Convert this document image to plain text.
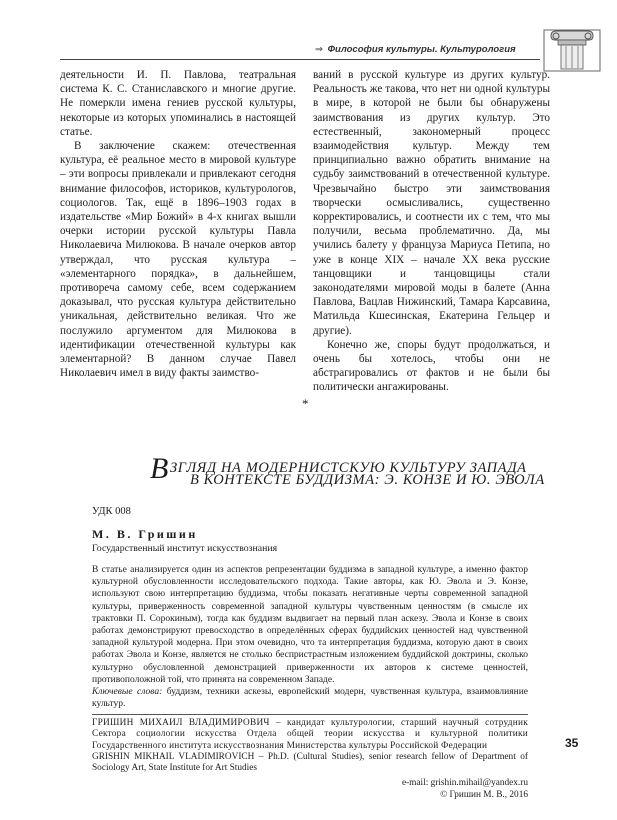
⇒ Философия культуры. Культурология

деятельности И. П. Павлова, театральная система К. С. Станиславского и многие другие. Не померкли имена гениев русской культуры, некоторые из которых упоминались в настоящей статье.

В заключение скажем: отечественная культура, её реальное место в мировой культуре – эти вопросы привлекали и привлекают сегодня внимание философов, историков, культурологов, социологов. Так, ещё в 1896–1903 годах в издательстве «Мир Божий» в 4-х книгах вышли очерки истории русской культуры Павла Николаевича Милюкова. В начале очерков автор утверждал, что русская культура – «элементарного порядка», в дальнейшем, противореча самому себе, всем содержанием доказывал, что русская культура действительно уникальная, действительно великая. Что же послужило аргументом для Милюкова в идентификации отечественной культуры как элементарной? В данном случае Павел Николаевич имел в виду факты заимство-

ваний в русской культуре из других культур. Реальность же такова, что нет ни одной культуры в мире, в которой не были бы обнаружены заимствования из других культур. Это естественный, закономерный процесс взаимодействия культур. Между тем принципиально важно обратить внимание на судьбу заимствований в отечественной культуре. Чрезвычайно быстро эти заимствования творчески осмысливались, существенно корректировались, и соотнести их с тем, что мы получили, весьма проблематично. Да, мы учились балету у француза Мариуса Петипа, но уже в конце XIX – начале XX века русские танцовщики и танцовщицы стали законодателями мировой моды в балете (Анна Павлова, Вацлав Нижинский, Тамара Карсавина, Матильда Кшесинская, Екатерина Гельцер и другие).

Конечно же, споры будут продолжаться, и очень бы хотелось, чтобы они не абстрагировались от фактов и не были бы политически ангажированы.

*
ВЗГЛЯД НА МОДЕРНИСТСКУЮ КУЛЬТУРУ ЗАПАДА
В КОНТЕКСТЕ БУДДИЗМА: Э. КОНЗЕ И Ю. ЭВОЛА
УДК 008
М. В. Гришин
Государственный институт искусствознания

В статье анализируется один из аспектов репрезентации буддизма в западной культуре, а именно фактор культурной обусловленности исследовательского подхода. Такие авторы, как Ю. Эвола и Э. Конзе, используют свою интерпретацию буддизма, чтобы показать негативные черты современной западной культуры, приверженность современной западной культуры чувственным ценностям (в смысле их трактовки П. Сорокиным), тогда как буддизм выдвигает на первый план аскезу. Эвола и Конзе в своих работах демонстрируют превосходство в определённых сферах буддийских ценностей над чувственной западной культурой модерна. При этом очевидно, что та интерпретация буддизма, которую дают в своих работах Эвола и Конзе, является не столько беспристрастным изложением буддийской доктрины, сколько культурно обусловленной демонстрацией приверженности их авторов к системе ценностей, противоположной той, что принята на современном Западе.

Ключевые слова: буддизм, техники аскезы, европейский модерн, чувственная культура, взаимовлияние культур.

ГРИШИН МИХАИЛ ВЛАДИМИРОВИЧ – кандидат культурологии, старший научный сотрудник Сектора социологии искусства Отдела общей теории искусства и культурной политики Государственного института искусствознания Министерства культуры Российской Федерации

GRISHIN MIKHAIL VLADIMIROVICH – Ph.D. (Cultural Studies), senior research fellow of Department of Sociology Art, State Institute for Art Studies

e-mail: grishin.mihail@yandex.ru
© Гришин М. В., 2016
35
